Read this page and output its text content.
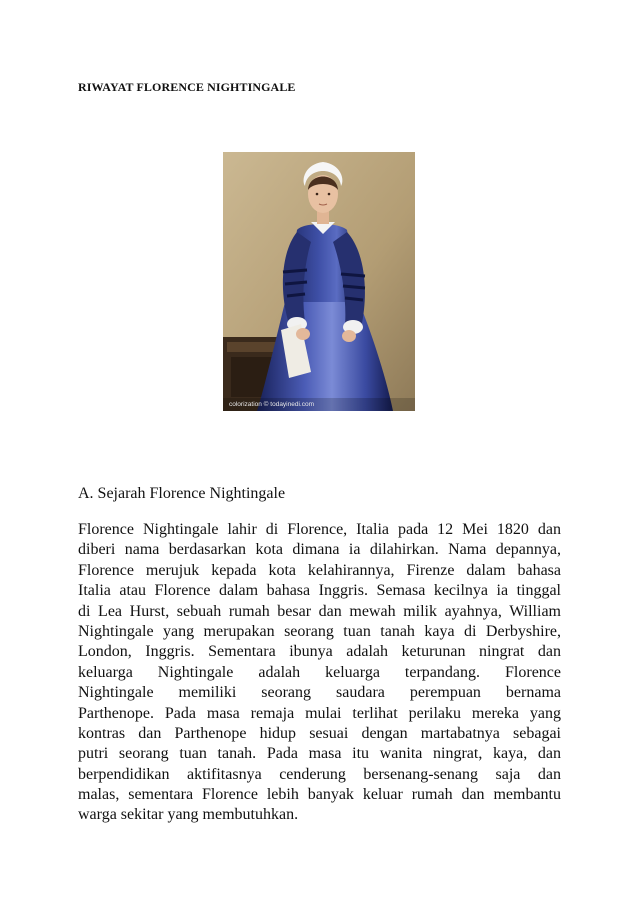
RIWAYAT FLORENCE NIGHTINGALE
colorization © todayinedi.com
A. Sejarah Florence Nightingale
Florence Nightingale lahir di Florence, Italia pada 12 Mei 1820 dan
diberi nama berdasarkan kota dimana ia dilahirkan. Nama depannya,
Florence merujuk kepada kota kelahirannya, Firenze dalam bahasa
Italia atau Florence dalam bahasa Inggris. Semasa kecilnya ia tinggal
di Lea Hurst, sebuah rumah besar dan mewah milik ayahnya, William
Nightingale yang merupakan seorang tuan tanah kaya di Derbyshire,
London, Inggris. Sementara ibunya adalah keturunan ningrat dan
keluarga Nightingale adalah keluarga terpandang. Florence
Nightingale memiliki seorang saudara perempuan bernama
Parthenope. Pada masa remaja mulai terlihat perilaku mereka yang
kontras dan Parthenope hidup sesuai dengan martabatnya sebagai
putri seorang tuan tanah. Pada masa itu wanita ningrat, kaya, dan
berpendidikan aktifitasnya cenderung bersenang-senang saja dan
malas, sementara Florence lebih banyak keluar rumah dan membantu
warga sekitar yang membutuhkan.
